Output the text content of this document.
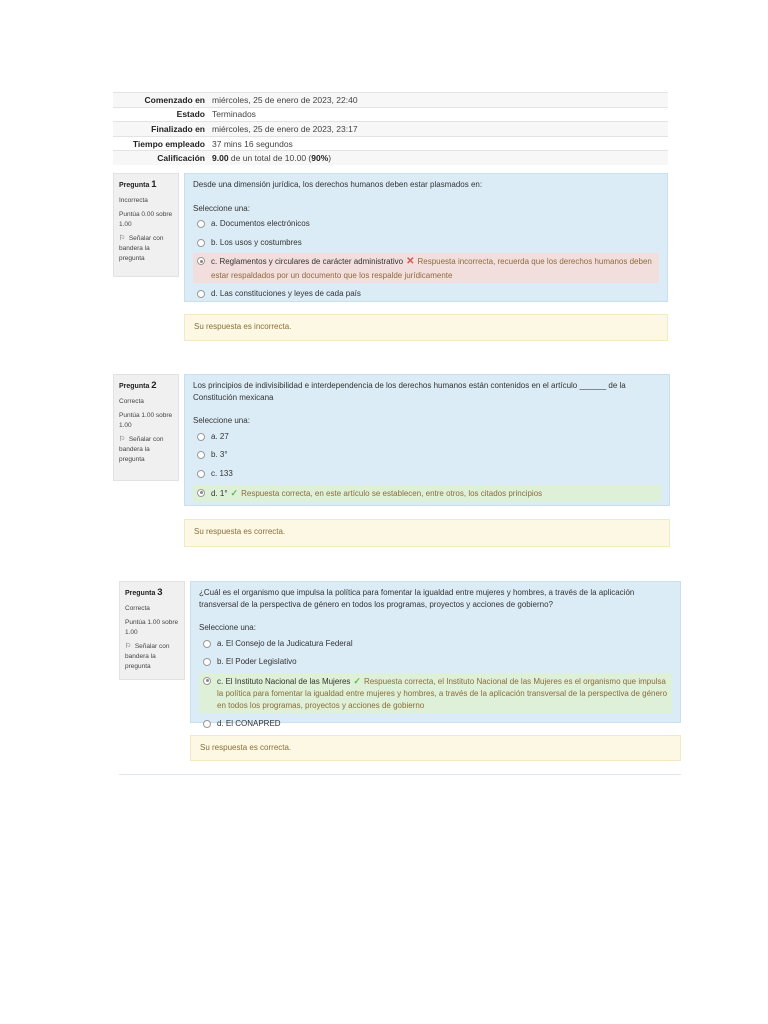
Comenzado en	miércoles, 25 de enero de 2023, 22:40
Estado	Terminados
Finalizado en	miércoles, 25 de enero de 2023, 23:17
Tiempo empleado	37 mins 16 segundos
Calificación	9.00 de un total de 10.00 (90%)
Pregunta 1
Incorrecta
Puntúa 0.00 sobre 1.00
⚐ Señalar con bandera la pregunta
Desde una dimensión jurídica, los derechos humanos deben estar plasmados en:
Seleccione una:
a. Documentos electrónicos
b. Los usos y costumbres
c. Reglamentos y circulares de carácter administrativo ✕ Respuesta incorrecta, recuerda que los derechos humanos deben estar respaldados por un documento que los respalde jurídicamente
d. Las constituciones y leyes de cada país
Su respuesta es incorrecta.
Pregunta 2
Correcta
Puntúa 1.00 sobre 1.00
⚐ Señalar con bandera la pregunta
Los principios de indivisibilidad e interdependencia de los derechos humanos están contenidos en el artículo ______ de la Constitución mexicana
Seleccione una:
a. 27
b. 3°
c. 133
d. 1° ✓ Respuesta correcta, en este artículo se establecen, entre otros, los citados principios
Su respuesta es correcta.
Pregunta 3
Correcta
Puntúa 1.00 sobre 1.00
⚐ Señalar con bandera la pregunta
¿Cuál es el organismo que impulsa la política para fomentar la igualdad entre mujeres y hombres, a través de la aplicación transversal de la perspectiva de género en todos los programas, proyectos y acciones de gobierno?
Seleccione una:
a. El Consejo de la Judicatura Federal
b. El Poder Legislativo
c. El Instituto Nacional de las Mujeres ✓ Respuesta correcta, el Instituto Nacional de las Mujeres es el organismo que impulsa la política para fomentar la igualdad entre mujeres y hombres, a través de la aplicación transversal de la perspectiva de género en todos los programas, proyectos y acciones de gobierno
d. El CONAPRED
Su respuesta es correcta.
